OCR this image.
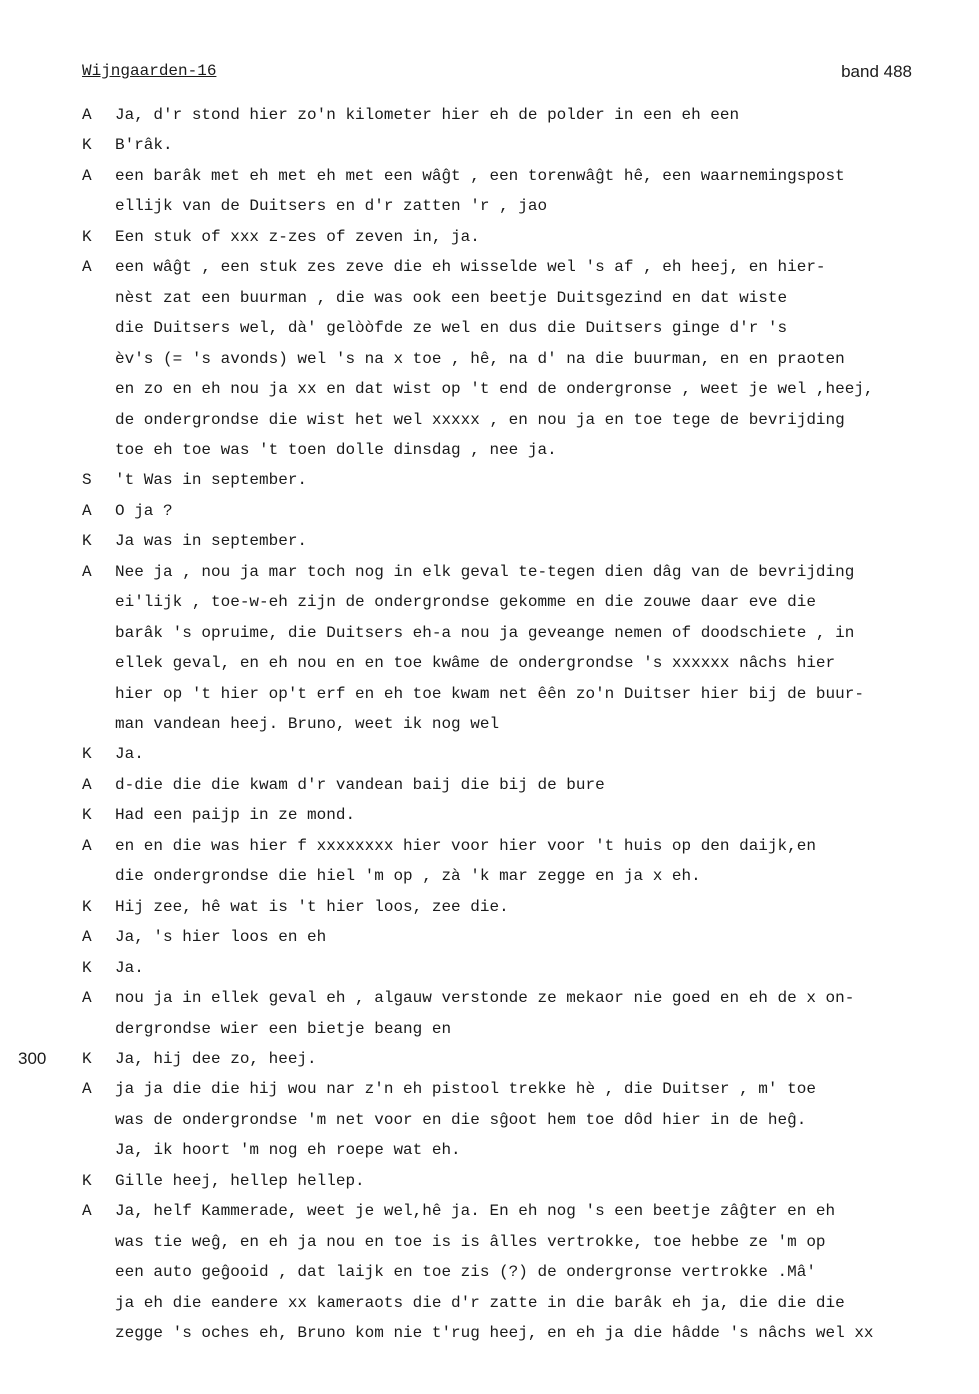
Wijngaarden-16	band 488
A Ja, d'r stond hier zo'n kilometer hier eh de polder in een eh een
K B'râk.
A een barâk met eh met eh met een wâĝt , een torenwâĝt hê, een waarnemingspost
ellijk van de Duitsers en d'r zatten 'r , jao
K Een stuk of xxx z-zes of zeven in, ja.
A een wâĝt , een stuk zes zeve die eh wisselde wel 's af , eh heej, en hier-
nèst zat een buurman , die was ook een beetje Duitsgezind en dat wiste
die Duitsers wel, dà' gelòòfde ze wel en dus die Duitsers ginge d'r 's
èv's (= 's avonds) wel 's na x toe , hê, na d' na die buurman, en en praoten
en zo en eh nou ja xx en dat wist op 't end de ondergronse , weet je wel ,heej,
de ondergrondse die wist het wel xxxxx , en nou ja en toe tege de bevrijding
toe eh toe was 't toen dolle dinsdag , nee ja.
S 't Was in september.
A O ja ?
K Ja was in september.
A Nee ja , nou ja mar toch nog in elk geval te-tegen dien dâg van de bevrijding
ei'lijk , toe-w-eh zijn de ondergrondse gekomme en die zouwe daar eve die
barâk 's opruime, die Duitsers eh-a nou ja geveange nemen of doodschiete , in
ellek geval, en eh nou en en toe kwâme de ondergrondse 's xxxxxx nâchs hier
hier op 't hier op't erf en eh toe kwam net êên zo'n Duitser hier bij de buur-
man vandean heej. Bruno, weet ik nog wel
K Ja.
A d-die die die kwam d'r vandean baij die bij de bure
K Had een paijp in ze mond.
A en en die was hier f xxxxxxxx hier voor hier voor 't huis op den daijk,en
die ondergrondse die hiel 'm op , zà 'k mar zegge en ja x eh.
K Hij zee, hê wat is 't hier loos, zee die.
A Ja, 's hier loos en eh
K Ja.
A nou ja in ellek geval eh , algauw verstonde ze mekaor nie goed en eh de x on-
dergrondse wier een bietje beang en
300 K Ja, hij dee zo, heej.
A ja ja die die hij wou nar z'n eh pistool trekke hè , die Duitser , m' toe
was de ondergrondse 'm net voor en die sĝoot hem toe dôd hier in de heĝ.
Ja, ik hoort 'm nog eh roepe wat eh.
K Gille heej, hellep hellep.
A Ja, helf Kammerade, weet je wel,hê ja. En eh nog 's een beetje zâĝter en eh
was tie weĝ, en eh ja nou en toe is is âlles vertrokke, toe hebbe ze 'm op
een auto geĝooid , dat laijk en toe zis (?) de ondergronse vertrokke .Mâ'
ja eh die eandere xx kameraots die d'r zatte in die barâk eh ja, die die die
zegge 's oches eh, Bruno kom nie t'rug heej, en eh ja die hâdde 's nâchs wel xx
